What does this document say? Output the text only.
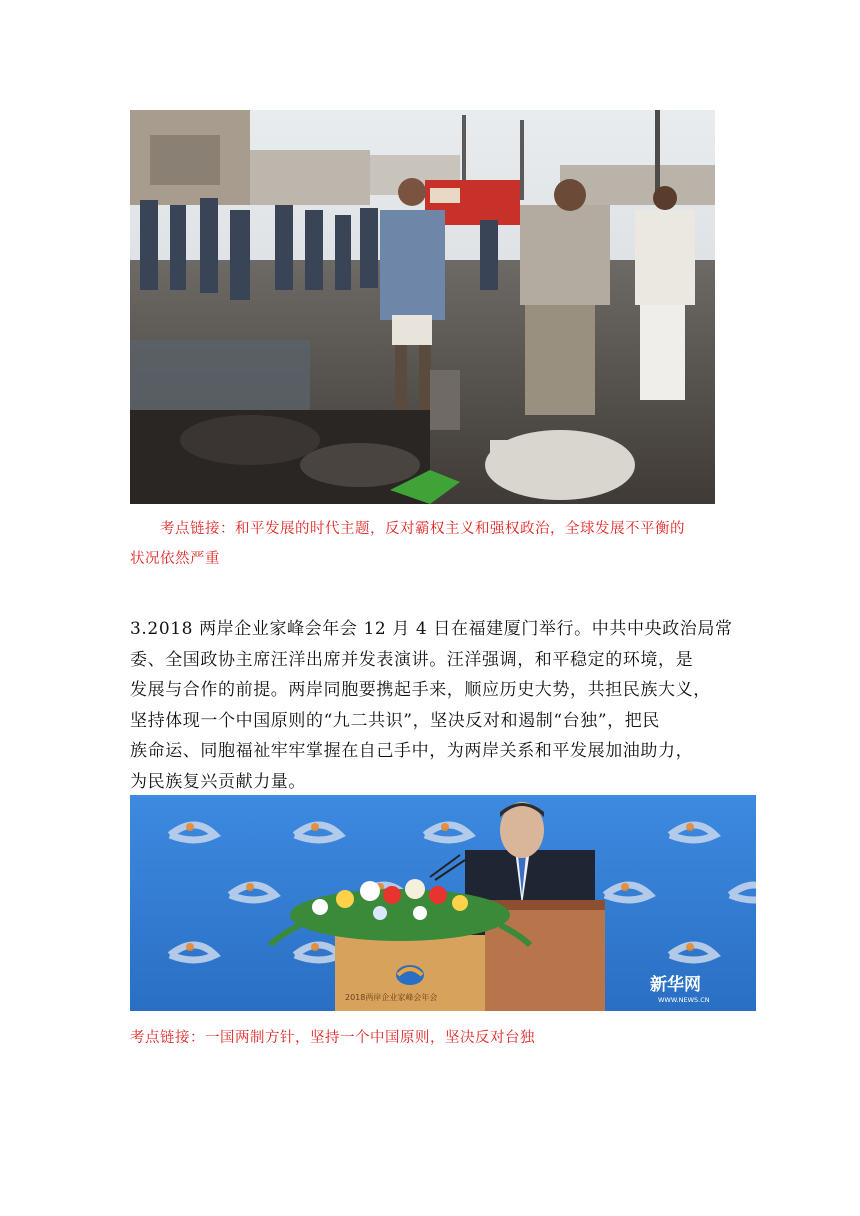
考点链接：和平发展的时代主题，反对霸权主义和强权政治，全球发展不平衡的
状况依然严重
3.2018 两岸企业家峰会年会 12 月 4 日在福建厦门举行。中共中央政治局常
委、全国政协主席汪洋出席并发表演讲。汪洋强调，和平稳定的环境，是
发展与合作的前提。两岸同胞要携起手来，顺应历史大势，共担民族大义，
坚持体现一个中国原则的“九二共识”，坚决反对和遏制“台独”，把民
族命运、同胞福祉牢牢掌握在自己手中，为两岸关系和平发展加油助力，
为民族复兴贡献力量。
2018两岸企业家峰会年会
新华网
WWW.NEWS.CN
考点链接：一国两制方针，坚持一个中国原则，坚决反对台独
